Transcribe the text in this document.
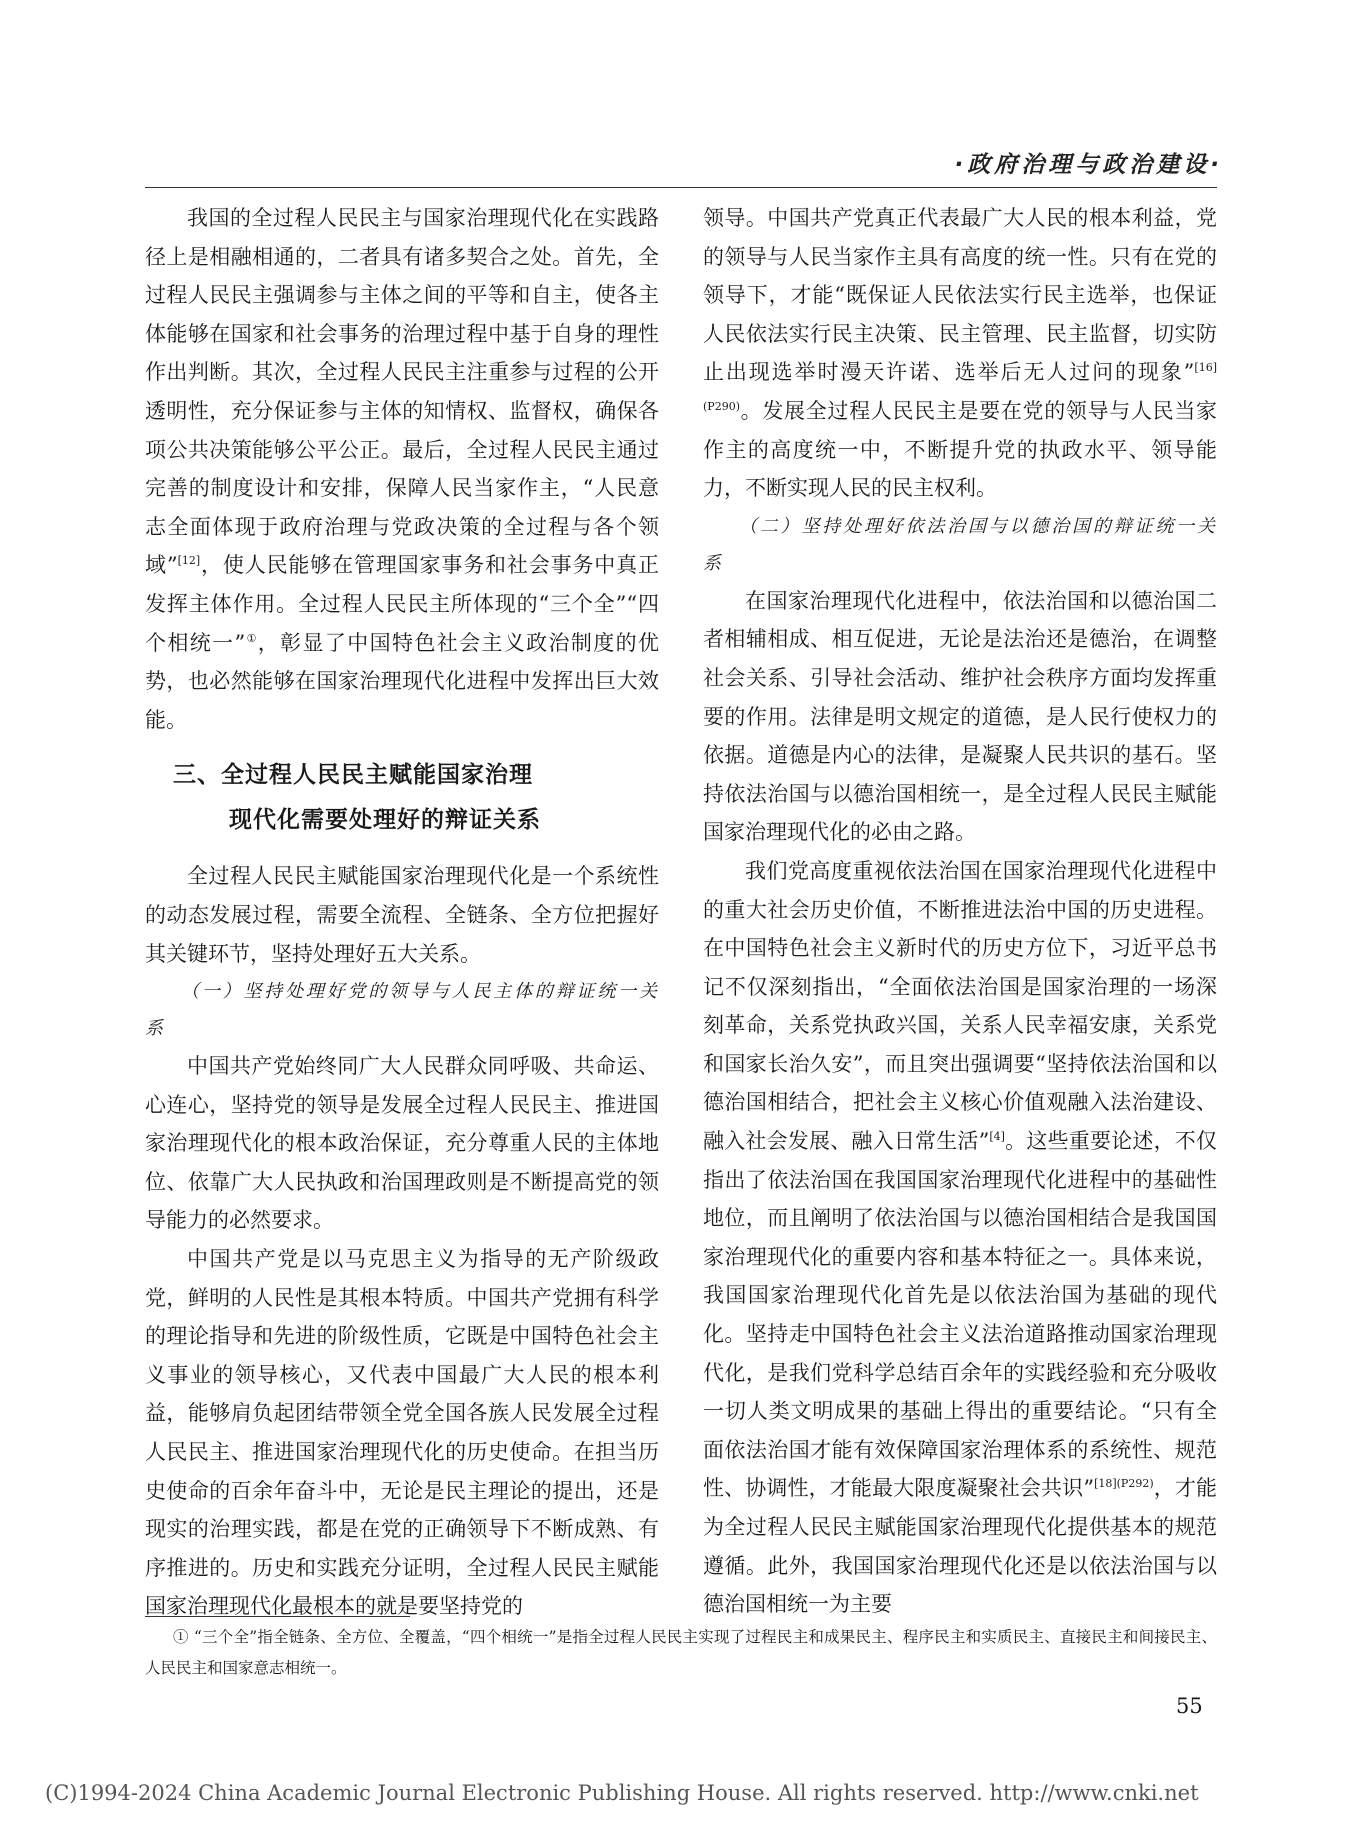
·政府治理与政治建设·

我国的全过程人民民主与国家治理现代化在实践路径上是相融相通的，二者具有诸多契合之处。首先，全过程人民民主强调参与主体之间的平等和自主，使各主体能够在国家和社会事务的治理过程中基于自身的理性作出判断。其次，全过程人民民主注重参与过程的公开透明性，充分保证参与主体的知情权、监督权，确保各项公共决策能够公平公正。最后，全过程人民民主通过完善的制度设计和安排，保障人民当家作主，“人民意志全面体现于政府治理与党政决策的全过程与各个领域”[12]，使人民能够在管理国家事务和社会事务中真正发挥主体作用。全过程人民民主所体现的“三个全”“四个相统一”①，彰显了中国特色社会主义政治制度的优势，也必然能够在国家治理现代化进程中发挥出巨大效能。

三、全过程人民民主赋能国家治理
现代化需要处理好的辩证关系

全过程人民民主赋能国家治理现代化是一个系统性的动态发展过程，需要全流程、全链条、全方位把握好其关键环节，坚持处理好五大关系。

（一）坚持处理好党的领导与人民主体的辩证统一关系

中国共产党始终同广大人民群众同呼吸、共命运、心连心，坚持党的领导是发展全过程人民民主、推进国家治理现代化的根本政治保证，充分尊重人民的主体地位、依靠广大人民执政和治国理政则是不断提高党的领导能力的必然要求。

中国共产党是以马克思主义为指导的无产阶级政党，鲜明的人民性是其根本特质。中国共产党拥有科学的理论指导和先进的阶级性质，它既是中国特色社会主义事业的领导核心，又代表中国最广大人民的根本利益，能够肩负起团结带领全党全国各族人民发展全过程人民民主、推进国家治理现代化的历史使命。在担当历史使命的百余年奋斗中，无论是民主理论的提出，还是现实的治理实践，都是在党的正确领导下不断成熟、有序推进的。历史和实践充分证明，全过程人民民主赋能国家治理现代化最根本的就是要坚持党的

领导。中国共产党真正代表最广大人民的根本利益，党的领导与人民当家作主具有高度的统一性。只有在党的领导下，才能“既保证人民依法实行民主选举，也保证人民依法实行民主决策、民主管理、民主监督，切实防止出现选举时漫天许诺、选举后无人过问的现象”$^{[16](P290)}$。发展全过程人民民主是要在党的领导与人民当家作主的高度统一中，不断提升党的执政水平、领导能力，不断实现人民的民主权利。

（二）坚持处理好依法治国与以德治国的辩证统一关系

在国家治理现代化进程中，依法治国和以德治国二者相辅相成、相互促进，无论是法治还是德治，在调整社会关系、引导社会活动、维护社会秩序方面均发挥重要的作用。法律是明文规定的道德，是人民行使权力的依据。道德是内心的法律，是凝聚人民共识的基石。坚持依法治国与以德治国相统一，是全过程人民民主赋能国家治理现代化的必由之路。

我们党高度重视依法治国在国家治理现代化进程中的重大社会历史价值，不断推进法治中国的历史进程。在中国特色社会主义新时代的历史方位下，习近平总书记不仅深刻指出，“全面依法治国是国家治理的一场深刻革命，关系党执政兴国，关系人民幸福安康，关系党和国家长治久安”，而且突出强调要“坚持依法治国和以德治国相结合，把社会主义核心价值观融入法治建设、融入社会发展、融入日常生活”[4]。这些重要论述，不仅指出了依法治国在我国国家治理现代化进程中的基础性地位，而且阐明了依法治国与以德治国相结合是我国国家治理现代化的重要内容和基本特征之一。具体来说，我国国家治理现代化首先是以依法治国为基础的现代化。坚持走中国特色社会主义法治道路推动国家治理现代化，是我们党科学总结百余年的实践经验和充分吸收一切人类文明成果的基础上得出的重要结论。“只有全面依法治国才能有效保障国家治理体系的系统性、规范性、协调性，才能最大限度凝聚社会共识”$^{[18](P292)}$，才能为全过程人民民主赋能国家治理现代化提供基本的规范遵循。此外，我国国家治理现代化还是以依法治国与以德治国相统一为主要

① “三个全”指全链条、全方位、全覆盖，“四个相统一”是指全过程人民民主实现了过程民主和成果民主、程序民主和实质民主、直接民主和间接民主、人民民主和国家意志相统一。
55
(C)1994-2024 China Academic Journal Electronic Publishing House. All rights reserved. http://www.cnki.net
